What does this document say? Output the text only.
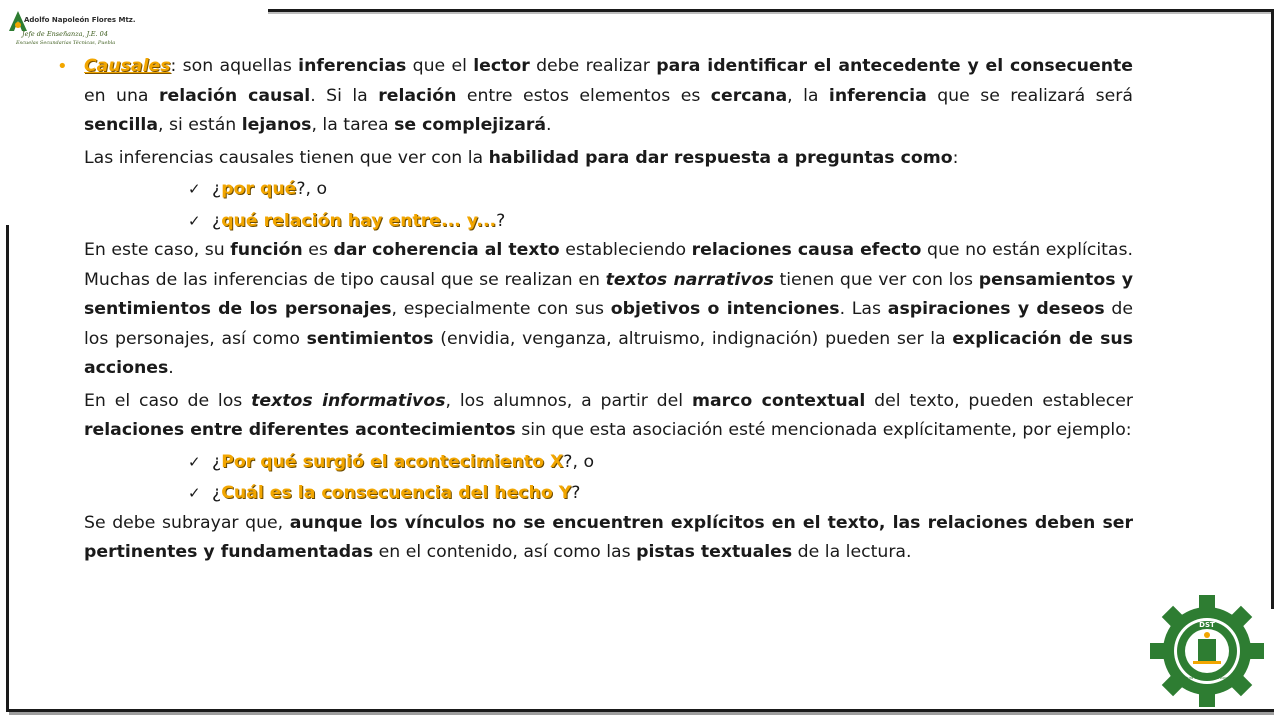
Adolfo Napoleón Flores Mtz.
Jefe de Enseñanza, J.E. 04
Escuelas Secundarias Técnicas, Puebla

• Causales: son aquellas inferencias que el lector debe realizar para identificar el antecedente y el consecuente en una relación causal. Si la relación entre estos elementos es cercana, la inferencia que se realizará será sencilla, si están lejanos, la tarea se complejizará.

Las inferencias causales tienen que ver con la habilidad para dar respuesta a preguntas como:

✓ ¿por qué?, o
✓ ¿qué relación hay entre... y...?

En este caso, su función es dar coherencia al texto estableciendo relaciones causa efecto que no están explícitas. Muchas de las inferencias de tipo causal que se realizan en textos narrativos tienen que ver con los pensamientos y sentimientos de los personajes, especialmente con sus objetivos o intenciones. Las aspiraciones y deseos de los personajes, así como sentimientos (envidia, venganza, altruismo, indignación) pueden ser la explicación de sus acciones.

En el caso de los textos informativos, los alumnos, a partir del marco contextual del texto, pueden establecer relaciones entre diferentes acontecimientos sin que esta asociación esté mencionada explícitamente, por ejemplo:

✓ ¿Por qué surgió el acontecimiento X?, o
✓ ¿Cuál es la consecuencia del hecho Y?

Se debe subrayar que, aunque los vínculos no se encuentren explícitos en el texto, las relaciones deben ser pertinentes y fundamentadas en el contenido, así como las pistas textuales de la lectura.

DST
Jefatura de Enseñanza Zona 04
